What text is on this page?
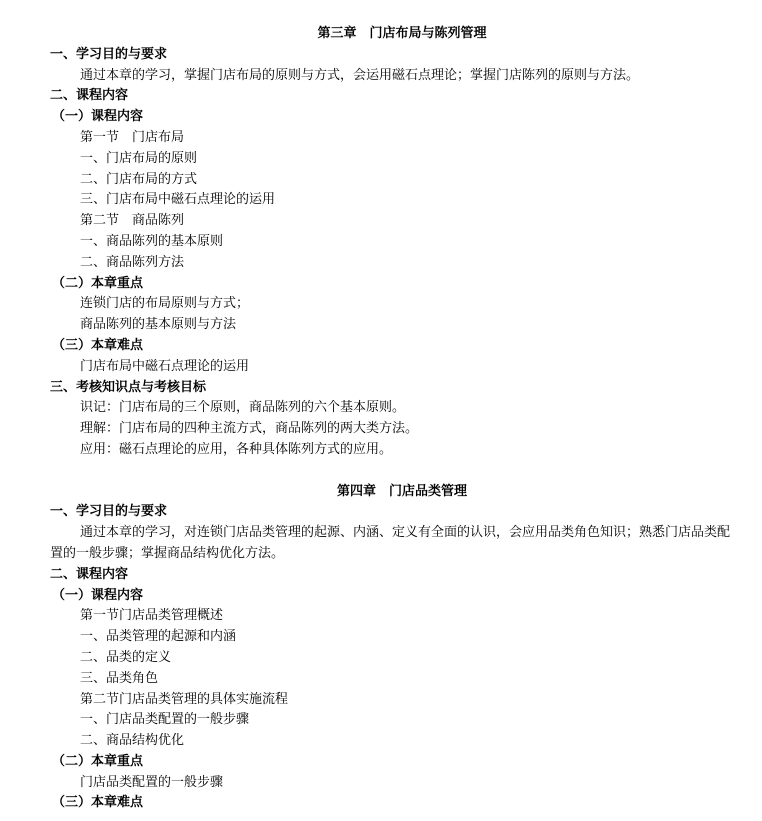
第三章　门店布局与陈列管理
一、学习目的与要求
通过本章的学习，掌握门店布局的原则与方式，会运用磁石点理论；掌握门店陈列的原则与方法。
二、课程内容
（一）课程内容
第一节　门店布局
一、门店布局的原则
二、门店布局的方式
三、门店布局中磁石点理论的运用
第二节　商品陈列
一、商品陈列的基本原则
二、商品陈列方法
（二）本章重点
连锁门店的布局原则与方式；
商品陈列的基本原则与方法
（三）本章难点
门店布局中磁石点理论的运用
三、考核知识点与考核目标
识记：门店布局的三个原则，商品陈列的六个基本原则。
理解：门店布局的四种主流方式，商品陈列的两大类方法。
应用：磁石点理论的应用，各种具体陈列方式的应用。
第四章　门店品类管理
一、学习目的与要求
通过本章的学习，对连锁门店品类管理的起源、内涵、定义有全面的认识，会应用品类角色知识；熟悉门店品类配置的一般步骤；掌握商品结构优化方法。
二、课程内容
（一）课程内容
第一节门店品类管理概述
一、品类管理的起源和内涵
二、品类的定义
三、品类角色
第二节门店品类管理的具体实施流程
一、门店品类配置的一般步骤
二、商品结构优化
（二）本章重点
门店品类配置的一般步骤
（三）本章难点
